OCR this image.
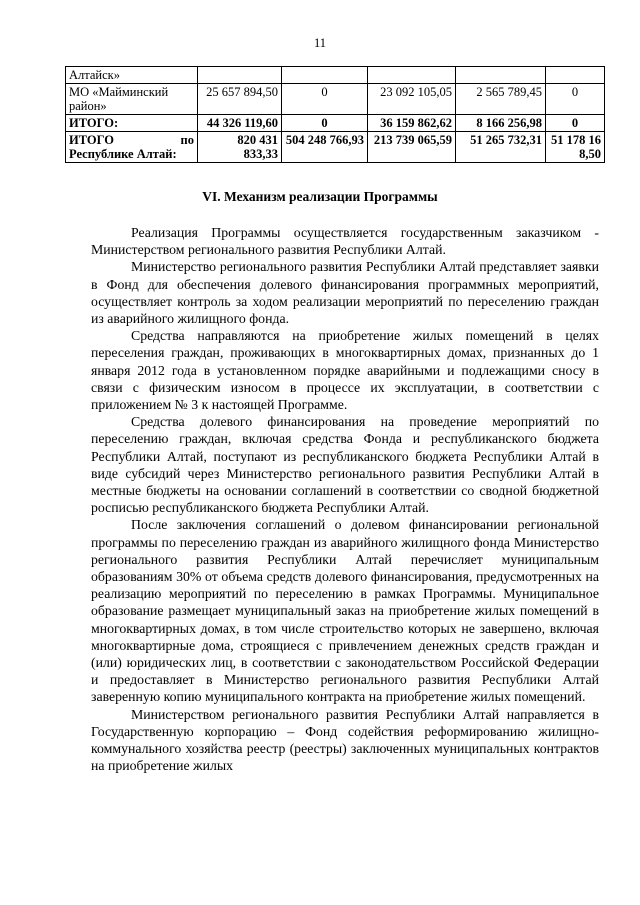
11
Алтайск»					

МО «Майминский
район»	25 657 894,50	0	23 092 105,05	2 565 789,45	0
ИТОГО:	44 326 119,60	0	36 159 862,62	8 166 256,98	0

ИТОГО по
Республике Алтай:	820 431 833,33	504 248 766,93	213 739 065,59	51 265 732,31	51 178 168,50
VI. Механизм реализации Программы

Реализация Программы осуществляется государственным заказчиком - Министерством регионального развития Республики Алтай.

Министерство регионального развития Республики Алтай представляет заявки в Фонд для обеспечения долевого финансирования программных мероприятий, осуществляет контроль за ходом реализации мероприятий по переселению граждан из аварийного жилищного фонда.

Средства направляются на приобретение жилых помещений в целях переселения граждан, проживающих в многоквартирных домах, признанных до 1 января 2012 года в установленном порядке аварийными и подлежащими сносу в связи с физическим износом в процессе их эксплуатации, в соответствии с приложением № 3 к настоящей Программе.

Средства долевого финансирования на проведение мероприятий по переселению граждан, включая средства Фонда и республиканского бюджета Республики Алтай, поступают из республиканского бюджета Республики Алтай в виде субсидий через Министерство регионального развития Республики Алтай в местные бюджеты на основании соглашений в соответствии со сводной бюджетной росписью республиканского бюджета Республики Алтай.

После заключения соглашений о долевом финансировании региональной программы по переселению граждан из аварийного жилищного фонда Министерство регионального развития Республики Алтай перечисляет муниципальным образованиям 30% от объема средств долевого финансирования, предусмотренных на реализацию мероприятий по переселению в рамках Программы. Муниципальное образование размещает муниципальный заказ на приобретение жилых помещений в многоквартирных домах, в том числе строительство которых не завершено, включая многоквартирные дома, строящиеся с привлечением денежных средств граждан и (или) юридических лиц, в соответствии с законодательством Российской Федерации и предоставляет в Министерство регионального развития Республики Алтай заверенную копию муниципального контракта на приобретение жилых помещений.

Министерством регионального развития Республики Алтай направляется в Государственную корпорацию – Фонд содействия реформированию жилищно-коммунального хозяйства реестр (реестры) заключенных муниципальных контрактов на приобретение жилых
